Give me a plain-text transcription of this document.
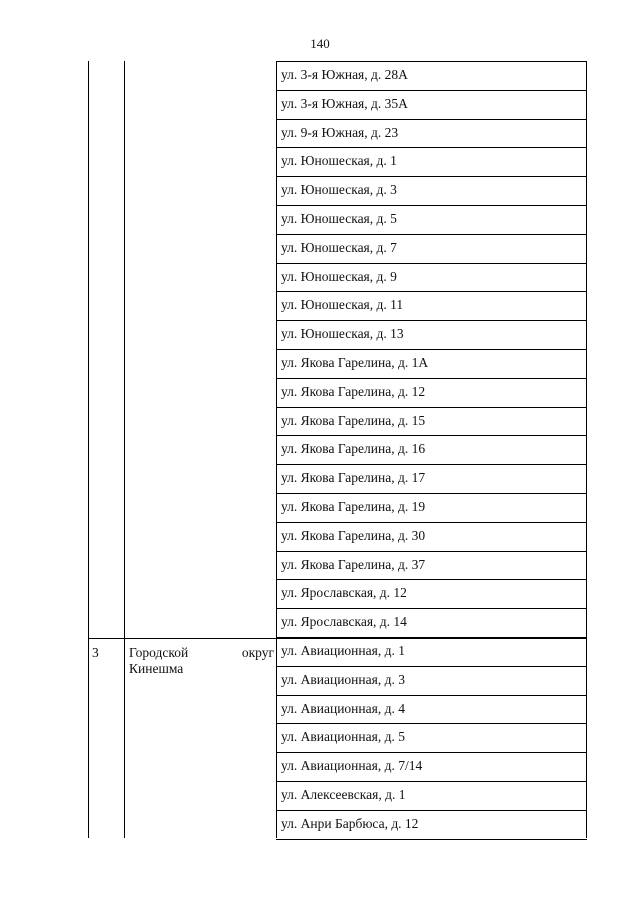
140
3 Городской	округ
Кинешма
ул. 3-я Южная, д. 28А
ул. 3-я Южная, д. 35А
ул. 9-я Южная, д. 23
ул. Юношеская, д. 1
ул. Юношеская, д. 3
ул. Юношеская, д. 5
ул. Юношеская, д. 7
ул. Юношеская, д. 9
ул. Юношеская, д. 11
ул. Юношеская, д. 13
ул. Якова Гарелина, д. 1А
ул. Якова Гарелина, д. 12
ул. Якова Гарелина, д. 15
ул. Якова Гарелина, д. 16
ул. Якова Гарелина, д. 17
ул. Якова Гарелина, д. 19
ул. Якова Гарелина, д. 30
ул. Якова Гарелина, д. 37
ул. Ярославская, д. 12
ул. Ярославская, д. 14
ул. Авиационная, д. 1
ул. Авиационная, д. 3
ул. Авиационная, д. 4
ул. Авиационная, д. 5
ул. Авиационная, д. 7/14
ул. Алексеевская, д. 1
ул. Анри Барбюса, д. 12
